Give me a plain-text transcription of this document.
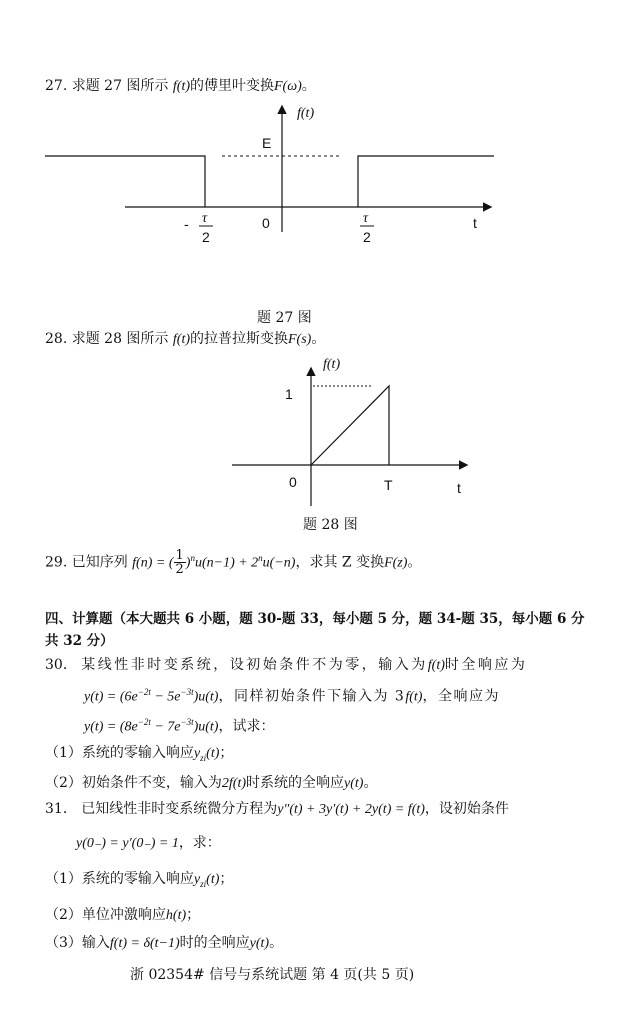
27. 求题 27 图所示 f(t)的傅里叶变换F(ω)。
f(t)
E
- τ
2
0	τ
2
t
题 27 图
28. 求题 28 图所示 f(t)的拉普拉斯变换F(s)。
f(t)
1
0	T	t
题 28 图
29. 已知序列 f(n) = ( $\frac{1}{2} )^nu(n-1) + 2^nu(-n)$，求其 Z 变换F(z)。
四、计算题（本大题共 6 小题，题 30-题 33，每小题 5 分，题 34-题 35，每小题 6 分
共 32 分）
30． 某线性非时变系统，设初始条件不为零，输入为f(t)时全响应为
$y(t) = (6e^{-2t} - 5e^{-3t})u(t)$，同样初始条件下输入为 3f(t)，全响应为
$y(t) = (8e^{-2t} - 7e^{-3t})u(t)$，试求：
（1）系统的零输入响应$y_{zi}(t)$；
（2）初始条件不变，输入为2f(t)时系统的全响应y(t)。
31． 已知线性非时变系统微分方程为y″(t) + 3y′(t) + 2y(t) = f(t)，设初始条件
y(0₋) = y′(0₋) = 1，求：
（1）系统的零输入响应$y_{zi}(t)$；
（2）单位冲激响应h(t)；
（3）输入f(t) = δ(t−1)时的全响应y(t)。
浙 02354# 信号与系统试题 第 4 页(共 5 页)
